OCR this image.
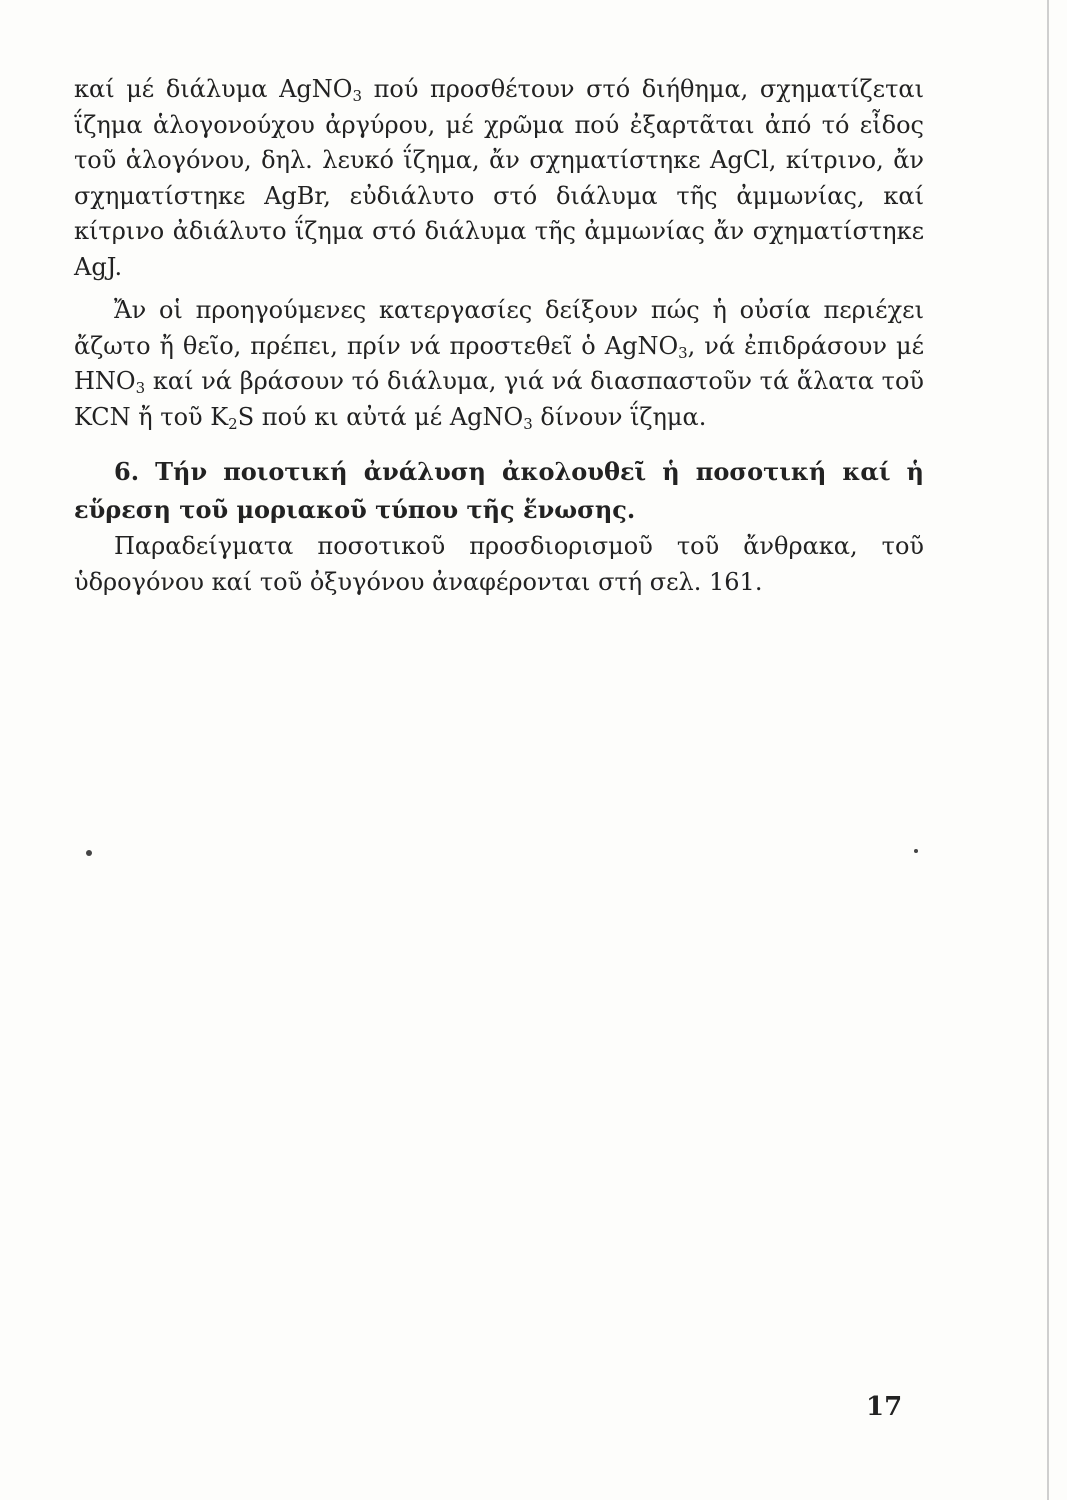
καί μέ διάλυμα AgNO$_3$ πού προσθέτουν στό διήθημα, σχηματίζεται ΐζημα ἁλογονούχου ἀργύρου, μέ χρῶμα πού ἐξαρτᾶται ἀπό τό εἶδος τοῦ ἁλογόνου, δηλ. λευκό ΐζημα, ἄν σχηματίστηκε AgCl, κίτρινο, ἄν σχηματίστηκε AgBr, εὐδιάλυτο στό διάλυμα τῆς ἀμμωνίας, καί κίτρινο ἀδιάλυτο ΐζημα στό διάλυμα τῆς ἀμμωνίας ἄν σχηματίστηκε AgJ.

Ἄν οἱ προηγούμενες κατεργασίες δείξουν πώς ἡ οὐσία περιέχει ἄζωτο ἤ θεῖο, πρέπει, πρίν νά προστεθεῖ ὁ AgNO$_3$, νά ἐπιδράσουν μέ $HNO_3$ καί νά βράσουν τό διάλυμα, γιά νά διασπαστοῦν τά ἅλατα τοῦ KCN ἤ τοῦ $K_2S$ πού κι αὐτά μέ AgNO$_3$ δίνουν ΐζημα.

6. Τήν ποιοτική ἀνάλυση ἀκολουθεῖ ἡ ποσοτική καί ἡ εὕρεση τοῦ μοριακοῦ τύπου τῆς ἕνωσης.

Παραδείγματα ποσοτικοῦ προσδιορισμοῦ τοῦ ἄνθρακα, τοῦ ὑδρογόνου καί τοῦ ὀξυγόνου ἀναφέρονται στή σελ. 161.

17
